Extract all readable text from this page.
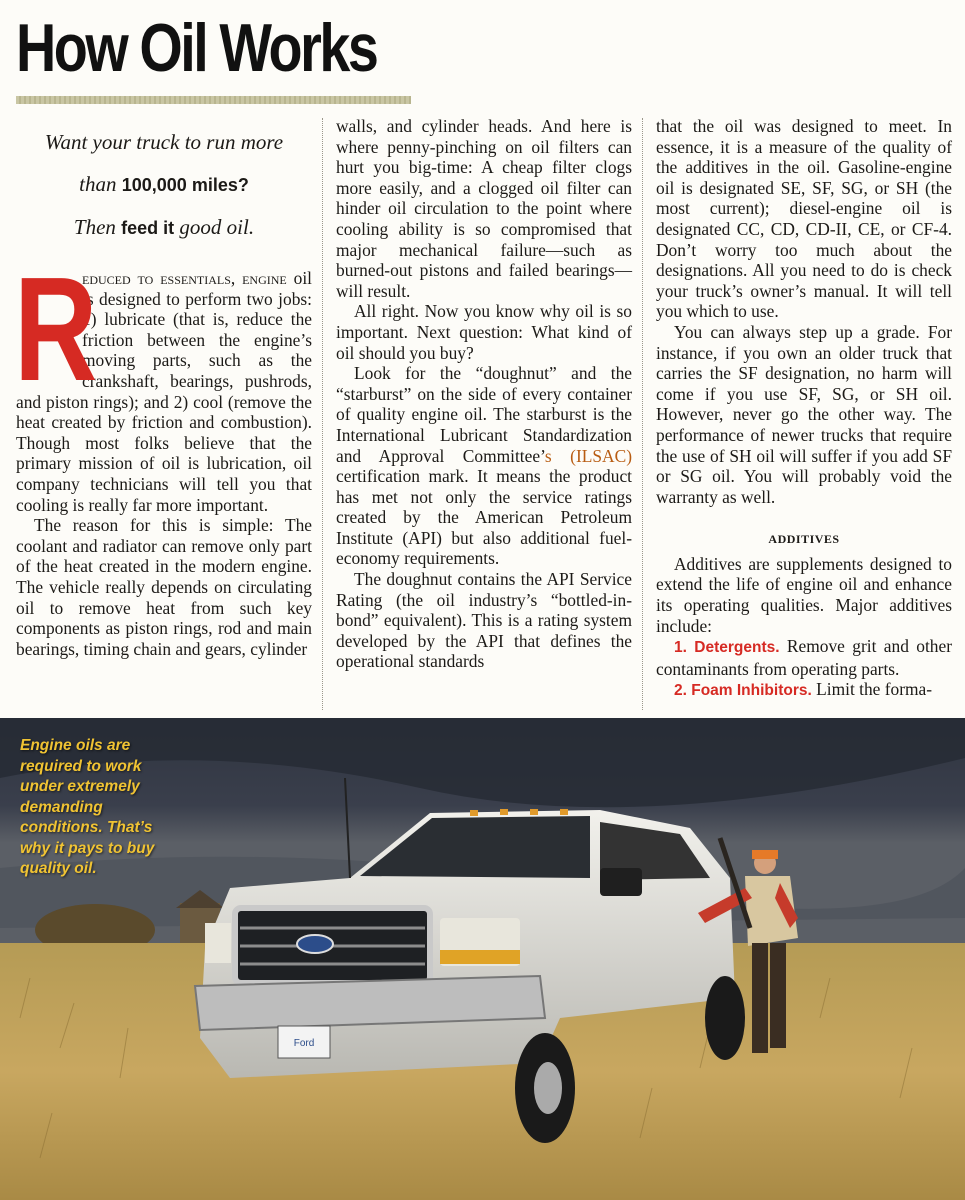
How Oil Works
Want your truck to run more
than 100,000 miles?
Then feed it good oil.

R
educed to essentials, engine oil is designed to perform two jobs: 1) lubricate (that is, reduce the friction between the engine’s moving parts, such as the crankshaft, bearings, pushrods, and piston rings); and 2) cool (remove the heat created by friction and combustion). Though most folks believe that the primary mission of oil is lubrication, oil company technicians will tell you that cooling is really far more important.

The reason for this is simple: The coolant and radiator can remove only part of the heat created in the modern engine. The vehicle really depends on circulating oil to remove heat from such key components as piston rings, rod and main bearings, timing chain and gears, cylinder

walls, and cylinder heads. And here is where penny-pinching on oil filters can hurt you big-time: A cheap filter clogs more easily, and a clogged oil filter can hinder oil circulation to the point where cooling ability is so compromised that major mechanical failure—such as burned-out pistons and failed bearings—will result.

All right. Now you know why oil is so important. Next question: What kind of oil should you buy?

Look for the “doughnut” and the “starburst” on the side of every container of quality engine oil. The starburst is the International Lubricant Standardization and Approval Committee’s (ILSAC) certification mark. It means the product has met not only the service ratings created by the American Petroleum Institute (API) but also additional fuel-economy requirements.

The doughnut contains the API Service Rating (the oil industry’s “bottled-in-bond” equivalent). This is a rating system developed by the API that defines the operational standards

that the oil was designed to meet. In essence, it is a measure of the quality of the additives in the oil. Gasoline-engine oil is designated SE, SF, SG, or SH (the most current); diesel-engine oil is designated CC, CD, CD-II, CE, or CF-4. Don’t worry too much about the designations. All you need to do is check your truck’s owner’s manual. It will tell you which to use.

You can always step up a grade. For instance, if you own an older truck that carries the SF designation, no harm will come if you use SF, SG, or SH oil. However, never go the other way. The performance of newer trucks that require the use of SH oil will suffer if you add SF or SG oil. You will probably void the warranty as well.

ADDITIVES

Additives are supplements designed to extend the life of engine oil and enhance its operating qualities. Major additives include:

1. Detergents. Remove grit and other contaminants from operating parts.

2. Foam Inhibitors. Limit the forma-

Ford
Engine oils are required to work under extremely demanding conditions. That’s why it pays to buy quality oil.
